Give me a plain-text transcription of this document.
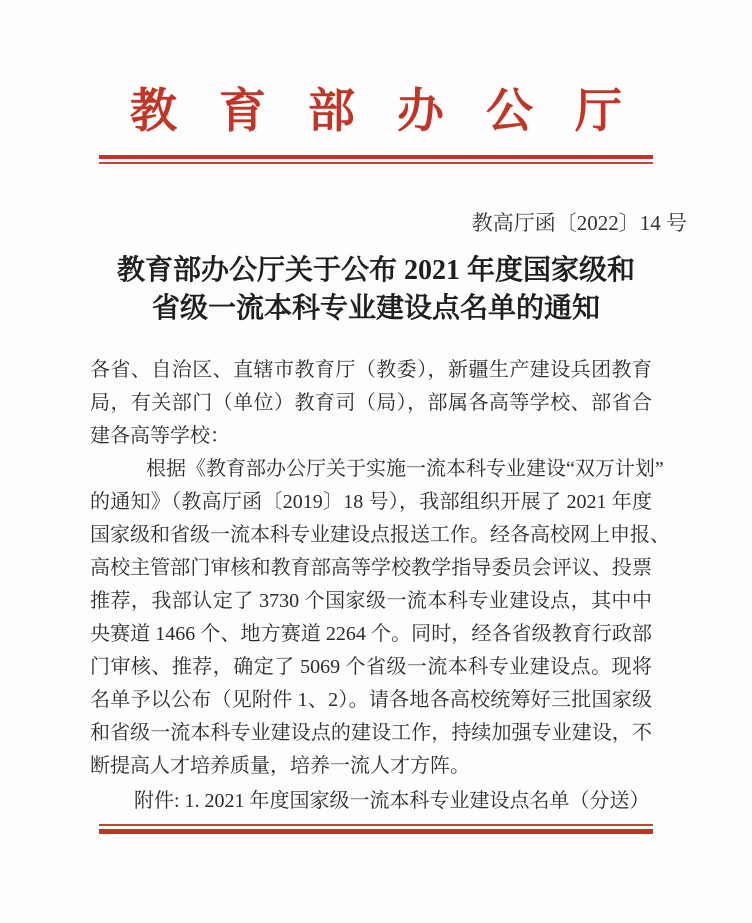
教育部办公厅
教高厅函〔2022〕14 号
教育部办公厅关于公布 2021 年度国家级和
省级一流本科专业建设点名单的通知
各省、自治区、直辖市教育厅（教委），新疆生产建设兵团教育
局，有关部门（单位）教育司（局），部属各高等学校、部省合
建各高等学校：
根据《教育部办公厅关于实施一流本科专业建设“双万计划”
的通知》（教高厅函〔2019〕18 号），我部组织开展了 2021 年度
国家级和省级一流本科专业建设点报送工作。经各高校网上申报、
高校主管部门审核和教育部高等学校教学指导委员会评议、投票
推荐，我部认定了 3730 个国家级一流本科专业建设点，其中中
央赛道 1466 个、地方赛道 2264 个。同时，经各省级教育行政部
门审核、推荐，确定了 5069 个省级一流本科专业建设点。现将
名单予以公布（见附件 1、2）。请各地各高校统筹好三批国家级
和省级一流本科专业建设点的建设工作，持续加强专业建设，不
断提高人才培养质量，培养一流人才方阵。
附件: 1. 2021 年度国家级一流本科专业建设点名单（分送）
